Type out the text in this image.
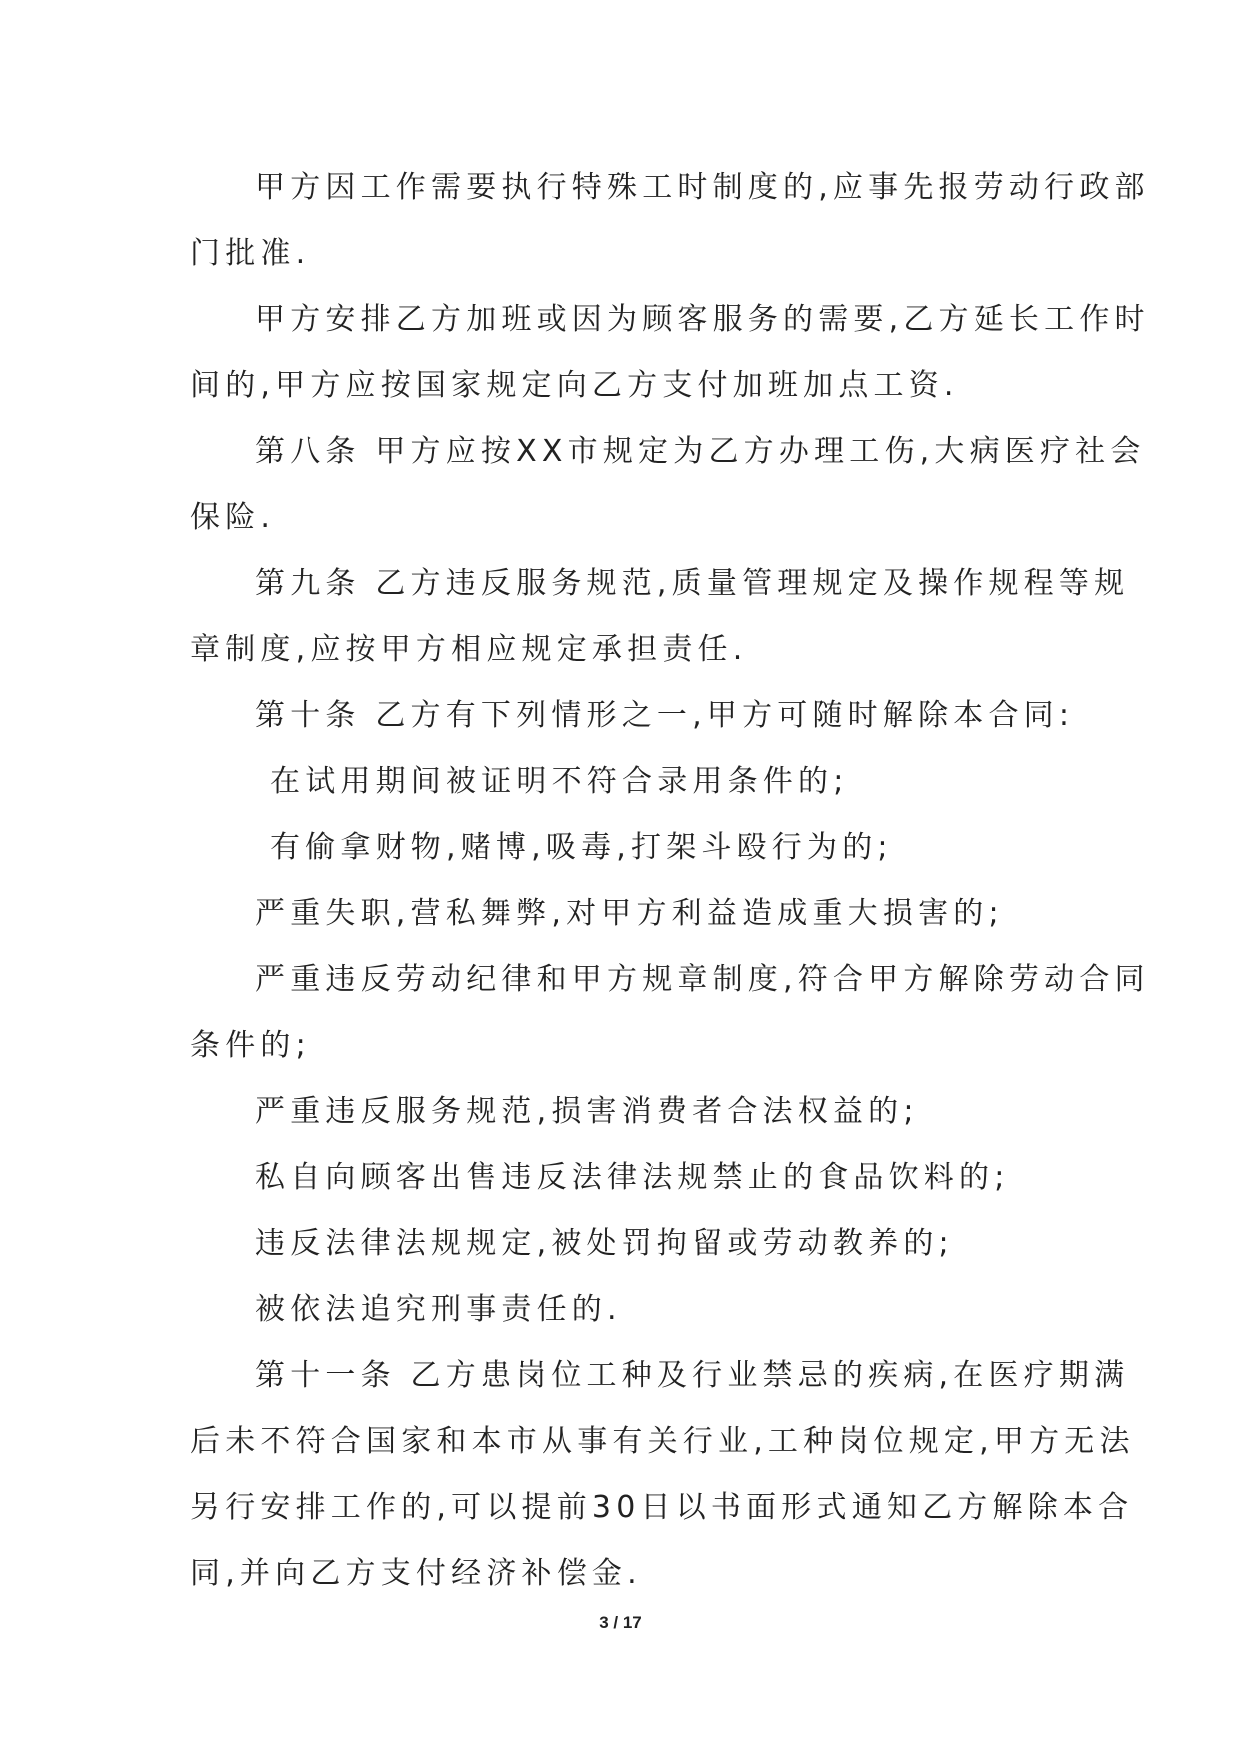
甲方因工作需要执行特殊工时制度的,应事先报劳动行政部
门批准.
甲方安排乙方加班或因为顾客服务的需要,乙方延长工作时
间的,甲方应按国家规定向乙方支付加班加点工资.
第八条 甲方应按XX市规定为乙方办理工伤,大病医疗社会
保险.
第九条 乙方违反服务规范,质量管理规定及操作规程等规
章制度,应按甲方相应规定承担责任.
第十条 乙方有下列情形之一,甲方可随时解除本合同:
在试用期间被证明不符合录用条件的;
有偷拿财物,赌博,吸毒,打架斗殴行为的;
严重失职,营私舞弊,对甲方利益造成重大损害的;
严重违反劳动纪律和甲方规章制度,符合甲方解除劳动合同
条件的;
严重违反服务规范,损害消费者合法权益的;
私自向顾客出售违反法律法规禁止的食品饮料的;
违反法律法规规定,被处罚拘留或劳动教养的;
被依法追究刑事责任的.
第十一条 乙方患岗位工种及行业禁忌的疾病,在医疗期满
后未不符合国家和本市从事有关行业,工种岗位规定,甲方无法
另行安排工作的,可以提前30日以书面形式通知乙方解除本合
同,并向乙方支付经济补偿金.
3 / 17
